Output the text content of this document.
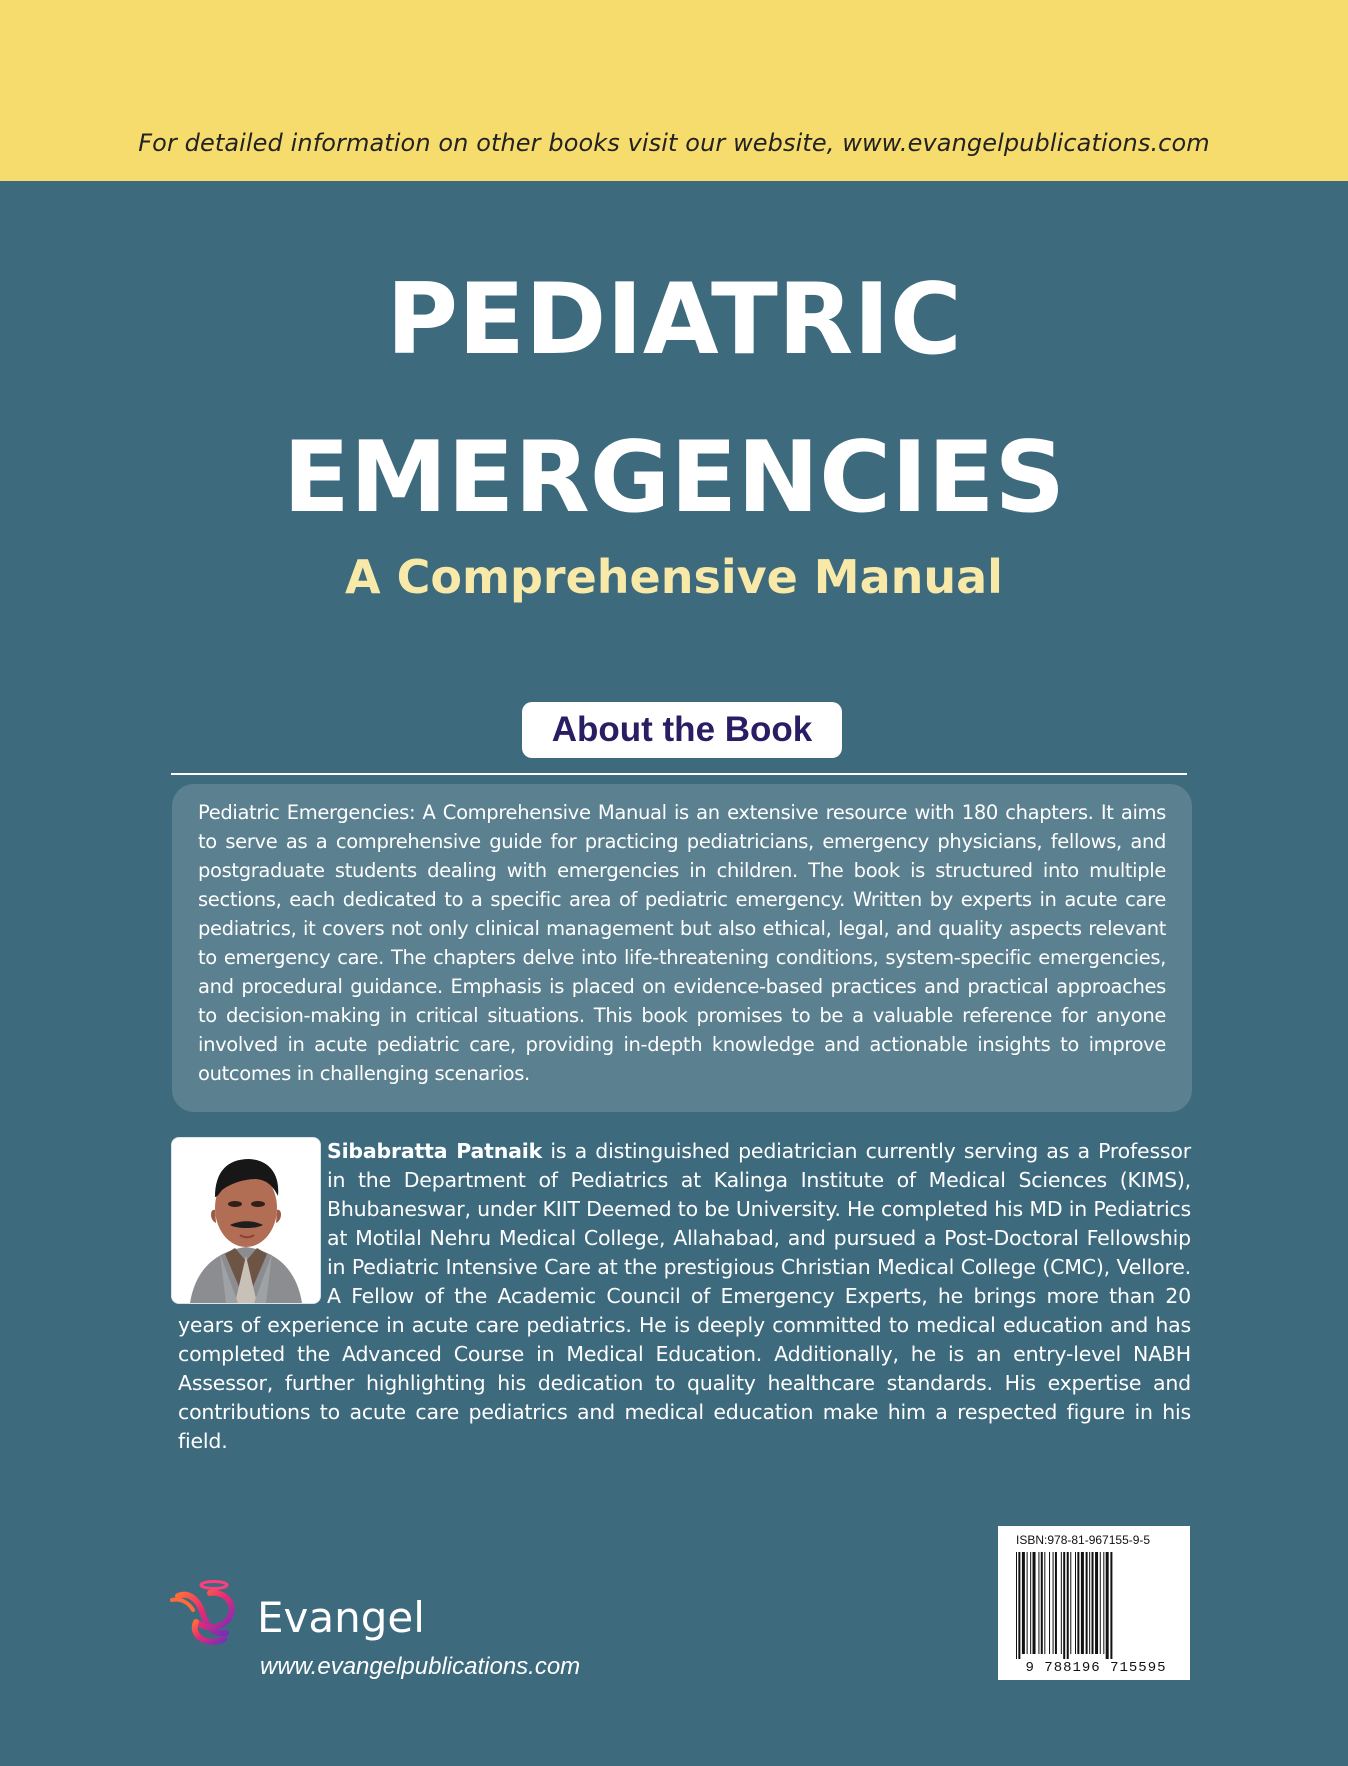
For detailed information on other books visit our website, www.evangelpublications.com
PEDIATRIC
EMERGENCIES
A Comprehensive Manual
About the Book
Pediatric Emergencies: A Comprehensive Manual is an extensive resource with 180 chapters. It aims to serve as a comprehensive guide for practicing pediatricians, emergency physicians, fellows, and postgraduate students dealing with emergencies in children. The book is structured into multiple sections, each dedicated to a specific area of pediatric emergency. Written by experts in acute care pediatrics, it covers not only clinical management but also ethical, legal, and quality aspects relevant to emergency care. The chapters delve into life-threatening conditions, system-specific emergencies, and procedural guidance. Emphasis is placed on evidence-based practices and practical approaches to decision-making in critical situations. This book promises to be a valuable reference for anyone involved in acute pediatric care, providing in-depth knowledge and actionable insights to improve outcomes in challenging scenarios.
Sibabratta Patnaik is a distinguished pediatrician currently serving as a Professor in the Department of Pediatrics at Kalinga Institute of Medical Sciences (KIMS), Bhubaneswar, under KIIT Deemed to be University. He completed his MD in Pediatrics at Motilal Nehru Medical College, Allahabad, and pursued a Post-Doctoral Fellowship in Pediatric Intensive Care at the prestigious Christian Medical College (CMC), Vellore. A Fellow of the Academic Council of Emergency Experts, he brings more than 20 years of experience in acute care pediatrics. He is deeply committed to medical education and has completed the Advanced Course in Medical Education. Additionally, he is an entry-level NABH Assessor, further highlighting his dedication to quality healthcare standards. His expertise and contributions to acute care pediatrics and medical education make him a respected figure in his field.
ISBN:978-81-967155-9-5
9 788196 715595
Evangel
www.evangelpublications.com
